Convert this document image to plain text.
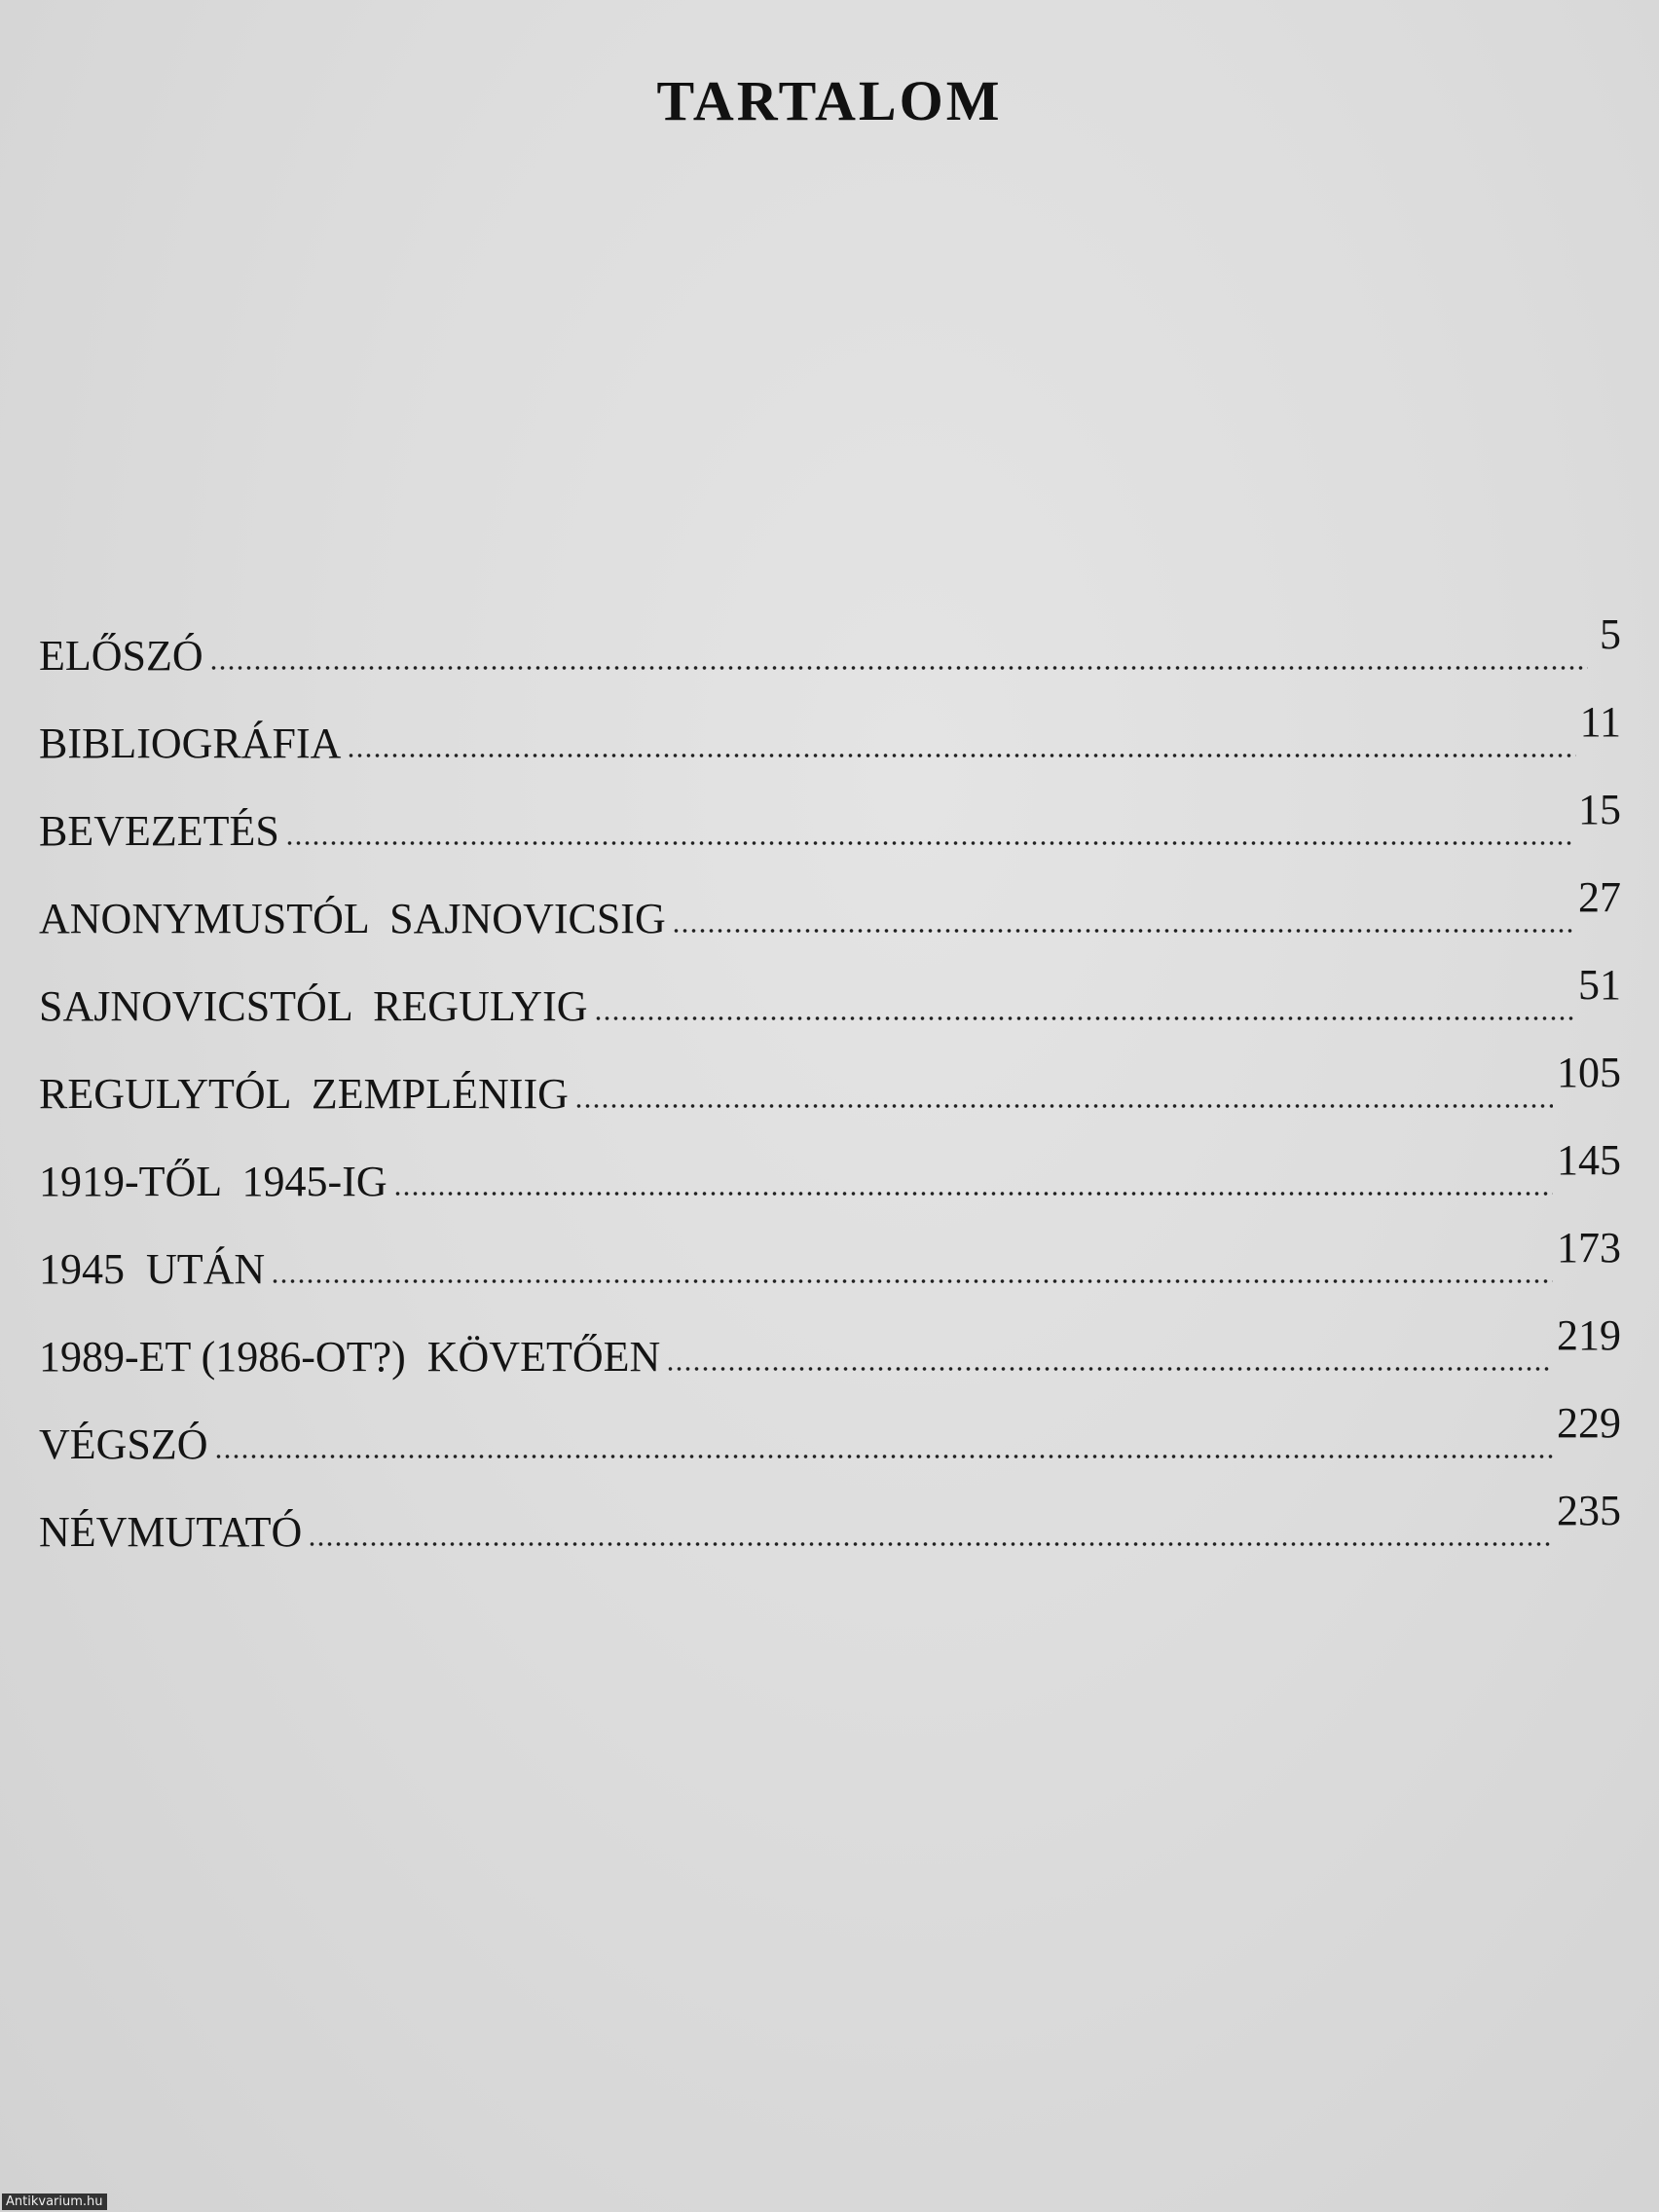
TARTALOM
ELŐSZÓ	5
BIBLIOGRÁFIA	11
BEVEZETÉS	15
ANONYMUSTÓL  SAJNOVICSIG	27
SAJNOVICSTÓL  REGULYIG	51
REGULYTÓL  ZEMPLÉNIIG	105
1919-TŐL  1945-IG	145
1945  UTÁN	173
1989-ET (1986-OT?)  KÖVETŐEN	219
VÉGSZÓ	229
NÉVMUTATÓ	235
Antikvarium.hu
